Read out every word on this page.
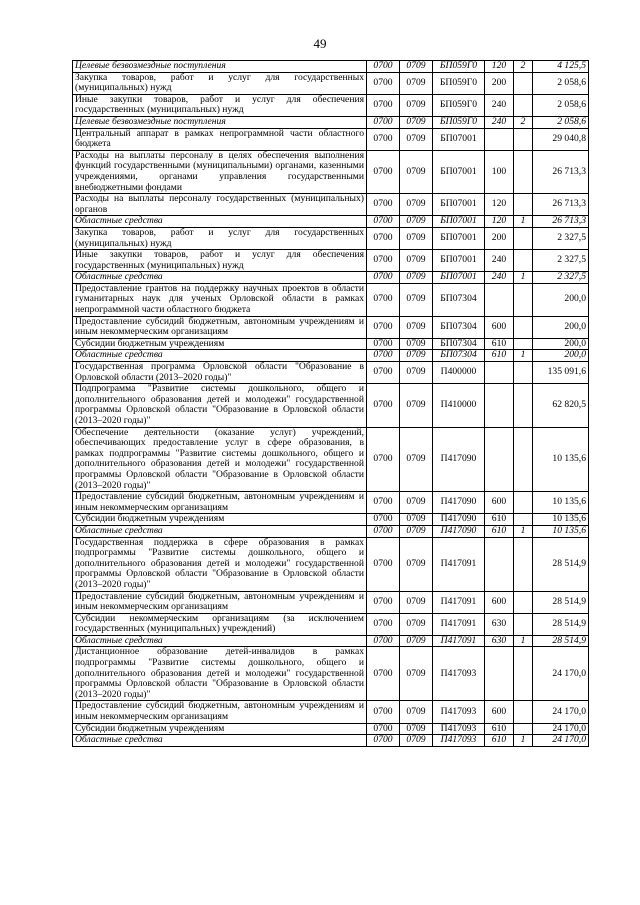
49
Целевые безвозмездные поступления	0700	0709	БП059Г0	120	2	4 125,5
Закупка товаров, работ и услуг для государственных (муниципальных) нужд	0700	0709	БП059Г0	200		2 058,6
Иные закупки товаров, работ и услуг для обеспечения государственных (муниципальных) нужд	0700	0709	БП059Г0	240		2 058,6
Целевые безвозмездные поступления	0700	0709	БП059Г0	240	2	2 058,6
Центральный аппарат в рамках непрограммной части областного бюджета	0700	0709	БП07001			29 040,8
Расходы на выплаты персоналу в целях обеспечения выполнения функций государственными (муниципальными) органами, казенными учреждениями, органами управления государственными внебюджетными фондами	0700	0709	БП07001	100		26 713,3
Расходы на выплаты персоналу государственных (муниципальных) органов	0700	0709	БП07001	120		26 713,3
Областные средства	0700	0709	БП07001	120	1	26 713,3
Закупка товаров, работ и услуг для государственных (муниципальных) нужд	0700	0709	БП07001	200		2 327,5
Иные закупки товаров, работ и услуг для обеспечения государственных (муниципальных) нужд	0700	0709	БП07001	240		2 327,5
Областные средства	0700	0709	БП07001	240	1	2 327,5
Предоставление грантов на поддержку научных проектов в области гуманитарных наук для ученых Орловской области в рамках непрограммной части областного бюджета	0700	0709	БП07304			200,0
Предоставление субсидий бюджетным, автономным учреждениям и иным некоммерческим организациям	0700	0709	БП07304	600		200,0
Субсидии бюджетным учреждениям	0700	0709	БП07304	610		200,0
Областные средства	0700	0709	БП07304	610	1	200,0
Государственная программа Орловской области "Образование в Орловской области (2013–2020 годы)"	0700	0709	П400000			135 091,6
Подпрограмма "Развитие системы дошкольного, общего и дополнительного образования детей и молодежи" государственной программы Орловской области "Образование в Орловской области (2013–2020 годы)"	0700	0709	П410000			62 820,5
Обеспечение деятельности (оказание услуг) учреждений, обеспечивающих предоставление услуг в сфере образования, в рамках подпрограммы "Развитие системы дошкольного, общего и дополнительного образования детей и молодежи" государственной программы Орловской области "Образование в Орловской области (2013–2020 годы)"	0700	0709	П417090			10 135,6
Предоставление субсидий бюджетным, автономным учреждениям и иным некоммерческим организациям	0700	0709	П417090	600		10 135,6
Субсидии бюджетным учреждениям	0700	0709	П417090	610		10 135,6
Областные средства	0700	0709	П417090	610	1	10 135,6
Государственная поддержка в сфере образования в рамках подпрограммы "Развитие системы дошкольного, общего и дополнительного образования детей и молодежи" государственной программы Орловской области "Образование в Орловской области (2013–2020 годы)"	0700	0709	П417091			28 514,9
Предоставление субсидий бюджетным, автономным учреждениям и иным некоммерческим организациям	0700	0709	П417091	600		28 514,9
Субсидии некоммерческим организациям (за исключением государственных (муниципальных) учреждений)	0700	0709	П417091	630		28 514,9
Областные средства	0700	0709	П417091	630	1	28 514,9
Дистанционное образование детей-инвалидов в рамках подпрограммы "Развитие системы дошкольного, общего и дополнительного образования детей и молодежи" государственной программы Орловской области "Образование в Орловской области (2013–2020 годы)"	0700	0709	П417093			24 170,0
Предоставление субсидий бюджетным, автономным учреждениям и иным некоммерческим организациям	0700	0709	П417093	600		24 170,0
Субсидии бюджетным учреждениям	0700	0709	П417093	610		24 170,0
Областные средства	0700	0709	П417093	610	1	24 170,0
